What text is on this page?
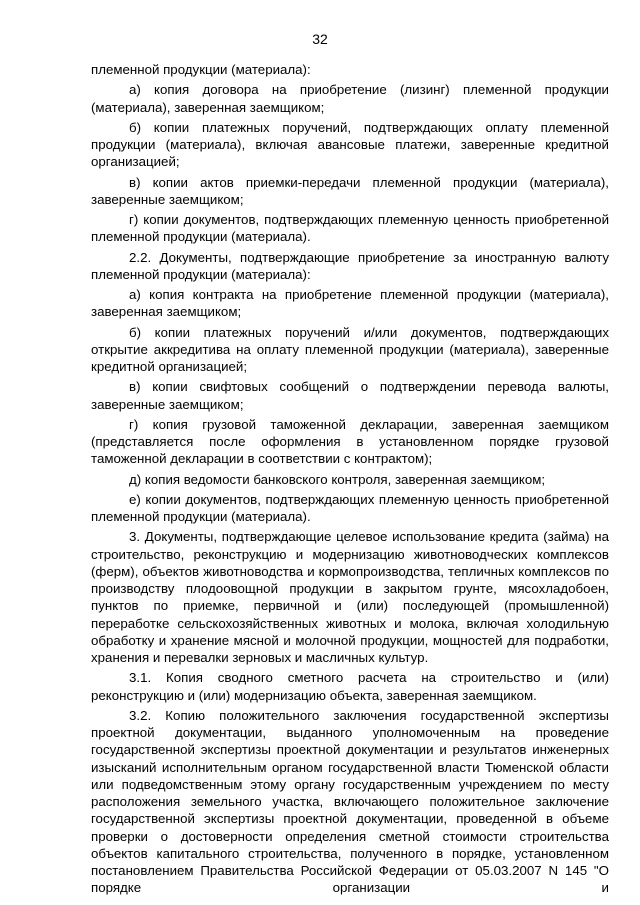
32

племенной продукции (материала):

а) копия договора на приобретение (лизинг) племенной продукции (материала), заверенная заемщиком;

б) копии платежных поручений, подтверждающих оплату племенной продукции (материала), включая авансовые платежи, заверенные кредитной организацией;

в) копии актов приемки-передачи племенной продукции (материала), заверенные заемщиком;

г) копии документов, подтверждающих племенную ценность приобретенной племенной продукции (материала).

2.2. Документы, подтверждающие приобретение за иностранную валюту племенной продукции (материала):

а) копия контракта на приобретение племенной продукции (материала), заверенная заемщиком;

б) копии платежных поручений и/или документов, подтверждающих открытие аккредитива на оплату племенной продукции (материала), заверенные кредитной организацией;

в) копии свифтовых сообщений о подтверждении перевода валюты, заверенные заемщиком;

г) копия грузовой таможенной декларации, заверенная заемщиком (представляется после оформления в установленном порядке грузовой таможенной декларации в соответствии с контрактом);

д) копия ведомости банковского контроля, заверенная заемщиком;

е) копии документов, подтверждающих племенную ценность приобретенной племенной продукции (материала).

3. Документы, подтверждающие целевое использование кредита (займа) на строительство, реконструкцию и модернизацию животноводческих комплексов (ферм), объектов животноводства и кормопроизводства, тепличных комплексов по производству плодоовощной продукции в закрытом грунте, мясохладобоен, пунктов по приемке, первичной и (или) последующей (промышленной) переработке сельскохозяйственных животных и молока, включая холодильную обработку и хранение мясной и молочной продукции, мощностей для подработки, хранения и перевалки зерновых и масличных культур.

3.1. Копия сводного сметного расчета на строительство и (или) реконструкцию и (или) модернизацию объекта, заверенная заемщиком.

3.2. Копию положительного заключения государственной экспертизы проектной документации, выданного уполномоченным на проведение государственной экспертизы проектной документации и результатов инженерных изысканий исполнительным органом государственной власти Тюменской области или подведомственным этому органу государственным учреждением по месту расположения земельного участка, включающего положительное заключение государственной экспертизы проектной документации, проведенной в объеме проверки о достоверности определения сметной стоимости строительства объектов капитального строительства, полученного в порядке, установленном постановлением Правительства Российской Федерации от 05.03.2007 N 145 "О порядке организации и
